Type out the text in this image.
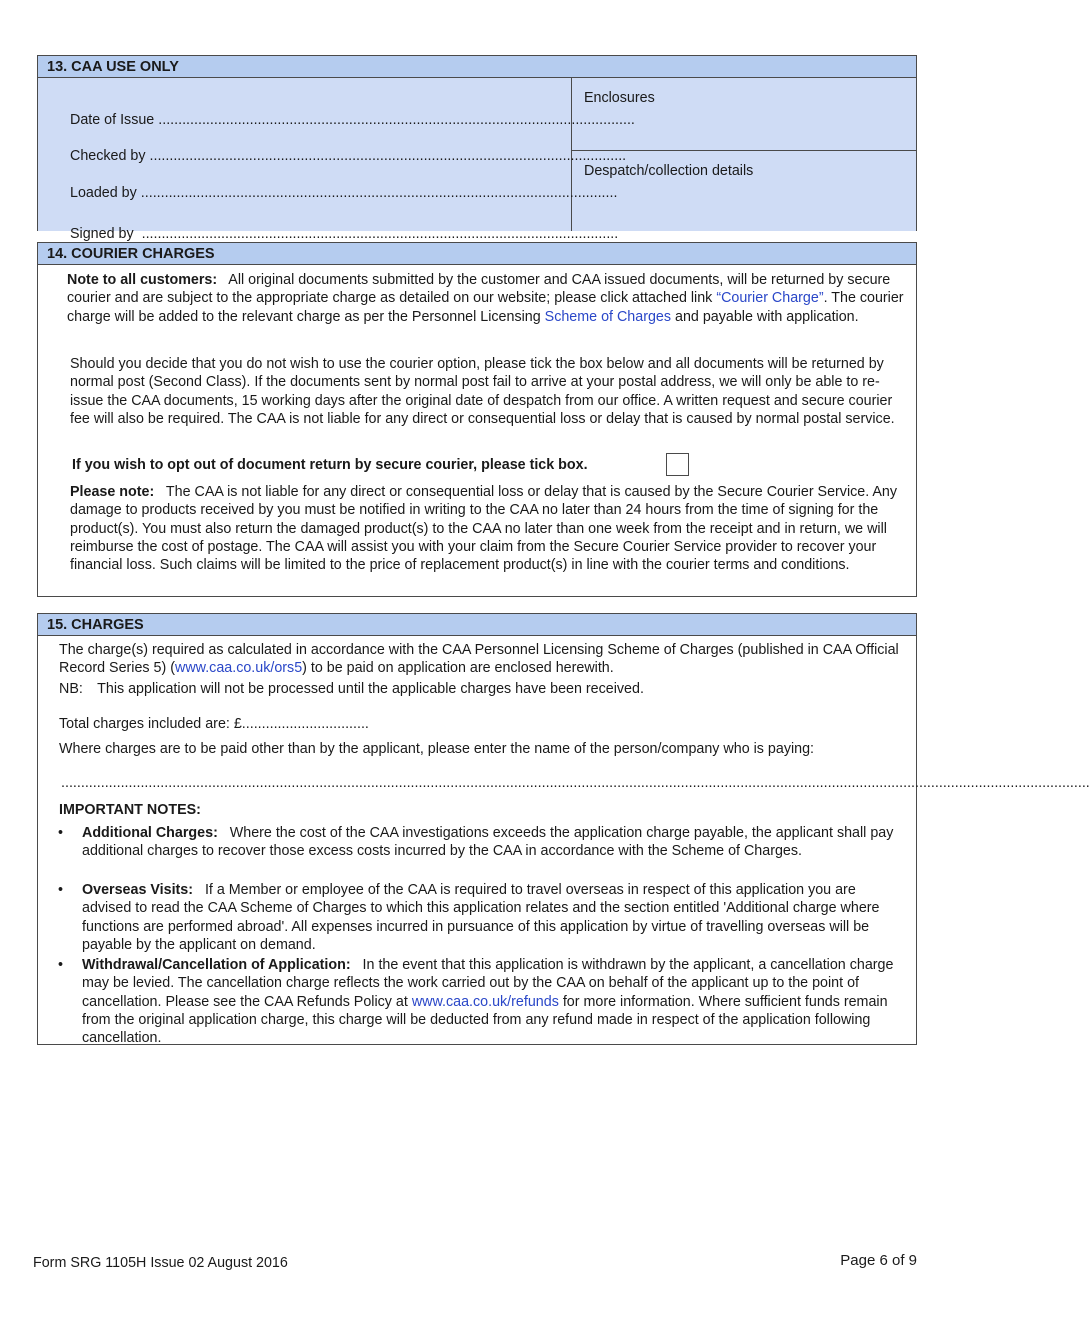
13. CAA USE ONLY
Date of Issue ........................................................................................................................
Checked by ........................................................................................................................
Loaded by ........................................................................................................................
Signed by ........................................................................................................................
Enclosures
Despatch/collection details
14. COURIER CHARGES
Note to all customers: All original documents submitted by the customer and CAA issued documents, will be returned by secure courier and are subject to the appropriate charge as detailed on our website; please click attached link “Courier Charge”. The courier charge will be added to the relevant charge as per the Personnel Licensing Scheme of Charges and payable with application.
Should you decide that you do not wish to use the courier option, please tick the box below and all documents will be returned by normal post (Second Class). If the documents sent by normal post fail to arrive at your postal address, we will only be able to re-issue the CAA documents, 15 working days after the original date of despatch from our office. A written request and secure courier fee will also be required. The CAA is not liable for any direct or consequential loss or delay that is caused by normal postal service.
If you wish to opt out of document return by secure courier, please tick box.
Please note: The CAA is not liable for any direct or consequential loss or delay that is caused by the Secure Courier Service. Any damage to products received by you must be notified in writing to the CAA no later than 24 hours from the time of signing for the product(s). You must also return the damaged product(s) to the CAA no later than one week from the receipt and in return, we will reimburse the cost of postage. The CAA will assist you with your claim from the Secure Courier Service provider to recover your financial loss. Such claims will be limited to the price of replacement product(s) in line with the courier terms and conditions.
15. CHARGES
The charge(s) required as calculated in accordance with the CAA Personnel Licensing Scheme of Charges (published in CAA Official Record Series 5) (www.caa.co.uk/ors5) to be paid on application are enclosed herewith.
NB: This application will not be processed until the applicable charges have been received.
Total charges included are: £................................
Where charges are to be paid other than by the applicant, please enter the name of the person/company who is paying:
...................................................................................................................................................................................................................................................................
IMPORTANT NOTES:
• Additional Charges: Where the cost of the CAA investigations exceeds the application charge payable, the applicant shall pay additional charges to recover those excess costs incurred by the CAA in accordance with the Scheme of Charges.
• Overseas Visits: If a Member or employee of the CAA is required to travel overseas in respect of this application you are advised to read the CAA Scheme of Charges to which this application relates and the section entitled 'Additional charge where functions are performed abroad'. All expenses incurred in pursuance of this application by virtue of travelling overseas will be payable by the applicant on demand.
• Withdrawal/Cancellation of Application: In the event that this application is withdrawn by the applicant, a cancellation charge may be levied. The cancellation charge reflects the work carried out by the CAA on behalf of the applicant up to the point of cancellation. Please see the CAA Refunds Policy at www.caa.co.uk/refunds for more information. Where sufficient funds remain from the original application charge, this charge will be deducted from any refund made in respect of the application following cancellation.
Form SRG 1105H Issue 02 August 2016	Page 6 of 9
